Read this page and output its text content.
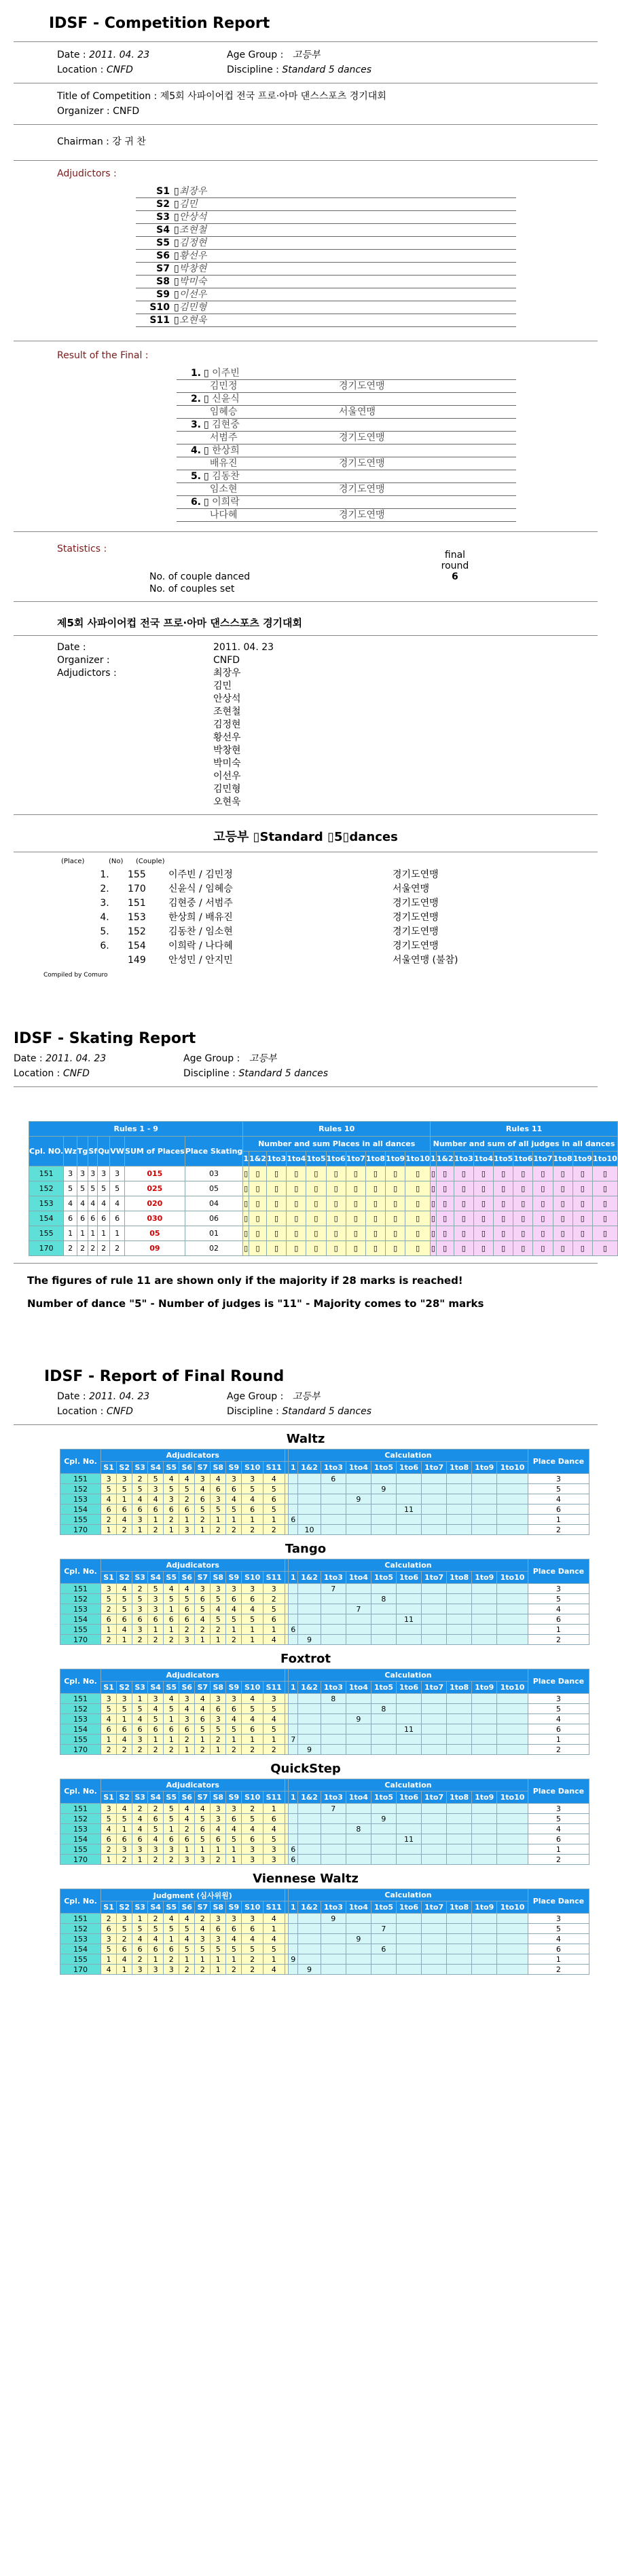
IDSF - Competition Report
Date : 2011. 04. 23	Age Group : 고등부
Location : CNFD	Discipline : Standard 5 dances
Title of Competition : 제5회 사파이어컵 전국 프로·아마 댄스스포츠 경기대회
Organizer : CNFD
Chairman : 강 귀 찬
Adjudictors :
S1 ▯ 최장우
S2 ▯ 김민
S3 ▯ 안상석
S4 ▯ 조현철
S5 ▯ 김정현
S6 ▯ 황선우
S7 ▯ 박창현
S8 ▯ 박미숙
S9 ▯ 이선우
S10 ▯ 김민형
S11 ▯ 오현욱
Result of the Final :
1. ▯ 이주빈
김민정	경기도연맹
2. ▯ 신윤식
임혜승	서울연맹
3. ▯ 김현중
서범주	경기도연맹
4. ▯ 한상희
배유진	경기도연맹
5. ▯ 김동찬
임소현	경기도연맹
6. ▯ 이희락
나다혜	경기도연맹
Statistics :
final round
No. of couple danced	6
No. of couples set
제5회 사파이어컵 전국 프로·아마 댄스스포츠 경기대회
Date :	2011. 04. 23
Organizer :	CNFD
Adjudictors :	최장우
김민
안상석
조현철
김정현
황선우
박창현
박미숙
이선우
김민형
오현욱
고등부 ▯Standard ▯5▯dances
(Place)	(No)	(Couple)
1.	155	이주빈 / 김민정	경기도연맹
2.	170	신윤식 / 임혜승	서울연맹
3.	151	김현중 / 서범주	경기도연맹
4.	153	한상희 / 배유진	경기도연맹
5.	152	김동찬 / 임소현	경기도연맹
6.	154	이희락 / 나다혜	경기도연맹
149	안성민 / 안지민	서울연맹 (불참)
Compiled by Comuro
IDSF - Skating Report
Date : 2011. 04. 23	Age Group : 고등부
Location : CNFD	Discipline : Standard 5 dances
Rules 1 - 9								Rules 10										Rules 11									
Cpl. NO.	Wz	Tg	Sf	Qu	VW	SUM of Places	Place Skating	Number and sum Places in all dances										Number and sum of all judges in all dances									
								1	1&2	1to3	1to4	1to5	1to6	1to7	1to8	1to9	1to10	1	1&2	1to3	1to4	1to5	1to6	1to7	1to8	1to9	1to10
151	3	3	3	3	3	015	03	▯	▯	▯	▯	▯	▯	▯	▯	▯	▯	▯	▯	▯	▯	▯	▯	▯	▯	▯	▯
152	5	5	5	5	5	025	05	▯	▯	▯	▯	▯	▯	▯	▯	▯	▯	▯	▯	▯	▯	▯	▯	▯	▯	▯	▯
153	4	4	4	4	4	020	04	▯	▯	▯	▯	▯	▯	▯	▯	▯	▯	▯	▯	▯	▯	▯	▯	▯	▯	▯	▯
154	6	6	6	6	6	030	06	▯	▯	▯	▯	▯	▯	▯	▯	▯	▯	▯	▯	▯	▯	▯	▯	▯	▯	▯	▯
155	1	1	1	1	1	05	01	▯	▯	▯	▯	▯	▯	▯	▯	▯	▯	▯	▯	▯	▯	▯	▯	▯	▯	▯	▯
170	2	2	2	2	2	09	02	▯	▯	▯	▯	▯	▯	▯	▯	▯	▯	▯	▯	▯	▯	▯	▯	▯	▯	▯	▯
The figures of rule 11 are shown only if the majority if 28 marks is reached!
Number of dance "5" - Number of judges is "11" - Majority comes to "28" marks
IDSF - Report of Final Round
Date : 2011. 04. 23	Age Group : 고등부
Location : CNFD	Discipline : Standard 5 dances
Waltz
Cpl. No.	Adjudicators												Calculation										Place Dance
	S1	S2	S3	S4	S5	S6	S7	S8	S9	S10	S11		1	1&2	1to3	1to4	1to5	1to6	1to7	1to8	1to9	1to10	
151	3	3	2	5	4	4	3	4	3	3	4				6								3
152	5	5	5	3	5	5	4	6	6	5	5						9						5
153	4	1	4	4	3	2	6	3	4	4	6					9							4
154	6	6	6	6	6	6	5	5	5	6	5							11					6
155	2	4	3	1	2	1	2	1	1	1	1		6										1
170	1	2	1	2	1	3	1	2	2	2	2			10									2
Tango
Cpl. No.	Adjudicators												Calculation										Place Dance
	S1	S2	S3	S4	S5	S6	S7	S8	S9	S10	S11		1	1&2	1to3	1to4	1to5	1to6	1to7	1to8	1to9	1to10	
151	3	4	2	5	4	4	3	3	3	3	3				7								3
152	5	5	5	3	5	5	6	5	6	6	2						8						5
153	2	5	3	3	1	6	5	4	4	4	5					7							4
154	6	6	6	6	6	6	4	5	5	5	6							11					6
155	1	4	3	1	1	2	2	2	1	1	1		6										1
170	2	1	2	2	2	3	1	1	2	1	4			9									2
Foxtrot
Cpl. No.	Adjudicators												Calculation										Place Dance
	S1	S2	S3	S4	S5	S6	S7	S8	S9	S10	S11		1	1&2	1to3	1to4	1to5	1to6	1to7	1to8	1to9	1to10	
151	3	3	1	3	4	3	4	3	3	4	3				8								3
152	5	5	5	4	5	4	4	6	6	5	5						8						5
153	4	1	4	5	1	3	6	3	4	4	4					9							4
154	6	6	6	6	6	6	5	5	5	6	5							11					6
155	1	4	3	1	1	2	1	2	1	1	1		7										1
170	2	2	2	2	2	1	2	1	2	2	2			9									2
QuickStep
Cpl. No.	Adjudicators												Calculation										Place Dance
	S1	S2	S3	S4	S5	S6	S7	S8	S9	S10	S11		1	1&2	1to3	1to4	1to5	1to6	1to7	1to8	1to9	1to10	
151	3	4	2	2	5	4	4	3	3	2	1				7								3
152	5	5	4	6	5	4	5	3	6	5	6						9						5
153	4	1	4	5	1	2	6	4	4	4	4					8							4
154	6	6	6	4	6	6	5	6	5	6	5							11					6
155	2	3	3	3	3	1	1	1	1	3	3		6										1
170	1	2	1	2	2	3	3	2	1	3	3		6										2
Viennese Waltz
Cpl. No.	Judgment (심사위원)												Calculation										Place Dance
	S1	S2	S3	S4	S5	S6	S7	S8	S9	S10	S11		1	1&2	1to3	1to4	1to5	1to6	1to7	1to8	1to9	1to10	
151	2	3	1	2	4	4	2	3	3	3	4				9								3
152	6	5	5	5	5	5	4	6	6	6	1						7						5
153	3	2	4	4	1	4	3	3	4	4	4					9							4
154	5	6	6	6	6	5	5	5	5	5	5						6						6
155	1	4	2	1	2	1	1	1	1	2	1		9										1
170	4	1	3	3	3	2	2	1	2	2	4			9									2
